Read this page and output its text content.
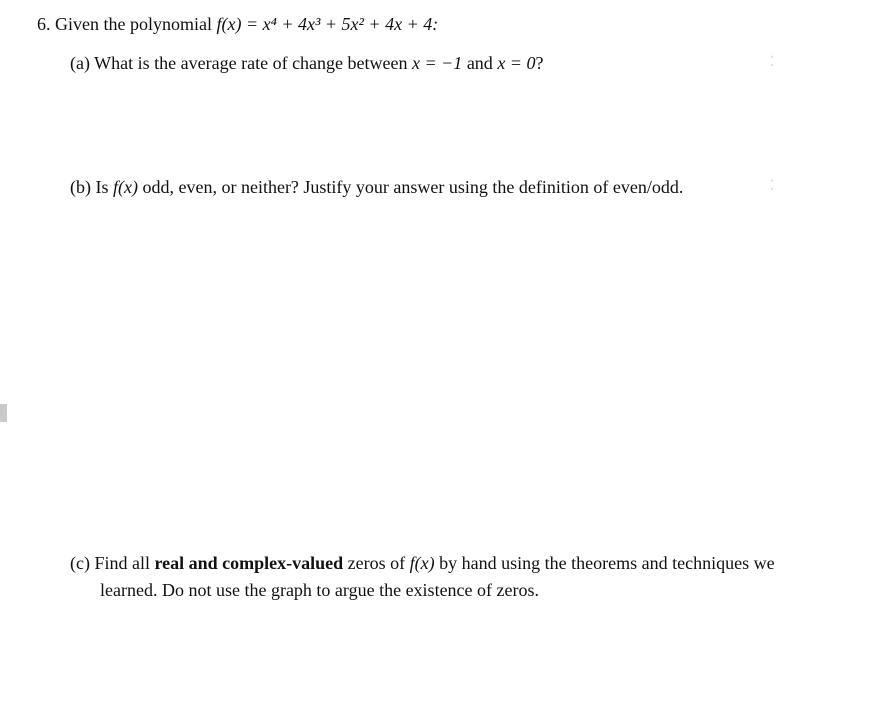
6. Given the polynomial f(x) = x⁴ + 4x³ + 5x² + 4x + 4:
(a) What is the average rate of change between x = −1 and x = 0?	⁚
(b) Is f(x) odd, even, or neither? Justify your answer using the definition of even/odd.	⁚
(c) Find all real and complex-valued zeros of f(x) by hand using the theorems and techniques we
learned. Do not use the graph to argue the existence of zeros.
